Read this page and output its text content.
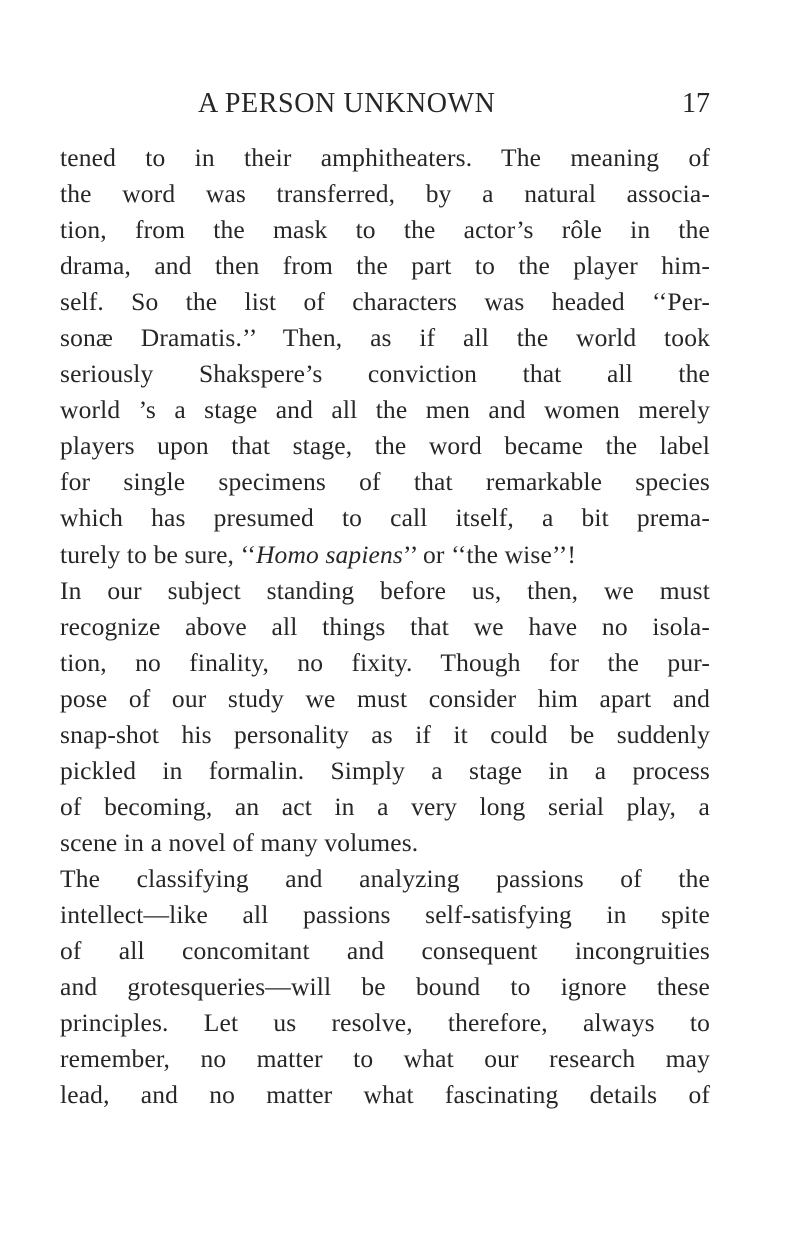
A PERSON UNKNOWN	17
tened to in their amphitheaters. The meaning of
the word was transferred, by a natural associa-
tion, from the mask to the actor’s rôle in the
drama, and then from the part to the player him-
self. So the list of characters was headed ‘‘Per-
sonæ Dramatis.’’ Then, as if all the world took
seriously Shakspere’s conviction that all the
world ’s a stage and all the men and women merely
players upon that stage, the word became the label
for single specimens of that remarkable species
which has presumed to call itself, a bit prema-
turely to be sure, ‘‘Homo sapiens’’ or ‘‘the wise’’!
In our subject standing before us, then, we must
recognize above all things that we have no isola-
tion, no finality, no fixity. Though for the pur-
pose of our study we must consider him apart and
snap-shot his personality as if it could be suddenly
pickled in formalin. Simply a stage in a process
of becoming, an act in a very long serial play, a
scene in a novel of many volumes.
The classifying and analyzing passions of the
intellect—like all passions self-satisfying in spite
of all concomitant and consequent incongruities
and grotesqueries—will be bound to ignore these
principles. Let us resolve, therefore, always to
remember, no matter to what our research may
lead, and no matter what fascinating details of
